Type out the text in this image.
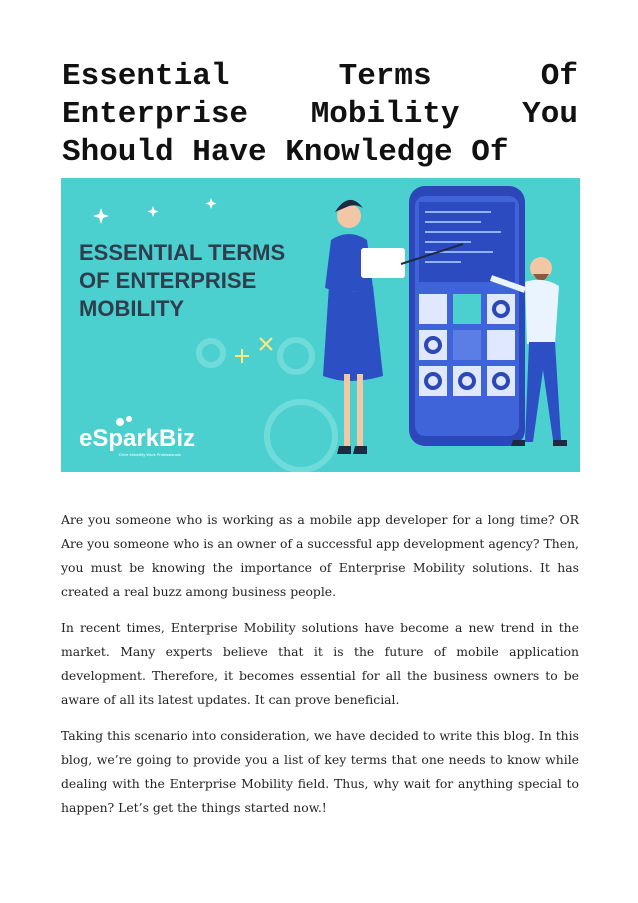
Essential Terms Of Enterprise Mobility You Should Have Knowledge Of
ESSENTIAL TERMS
OF ENTERPRISE
MOBILITY
eSparkBiz
Drive eMobility Work Professionals

Are you someone who is working as a mobile app developer for a long time? OR Are you someone who is an owner of a successful app development agency? Then, you must be knowing the importance of Enterprise Mobility solutions. It has created a real buzz among business people.

In recent times, Enterprise Mobility solutions have become a new trend in the market. Many experts believe that it is the future of mobile application development. Therefore, it becomes essential for all the business owners to be aware of all its latest updates. It can prove beneficial.

Taking this scenario into consideration, we have decided to write this blog. In this blog, we’re going to provide you a list of key terms that one needs to know while dealing with the Enterprise Mobility field. Thus, why wait for anything special to happen? Let’s get the things started now.!
